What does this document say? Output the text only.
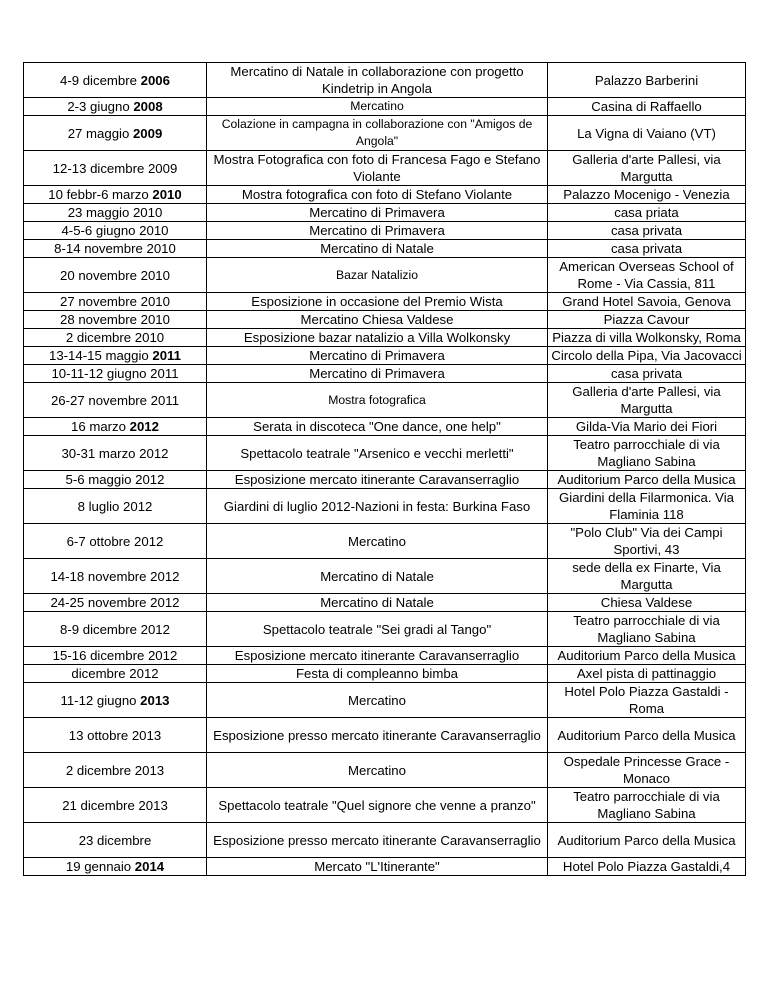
4-9 dicembre 2006	Mercatino di Natale in collaborazione con progetto Kindetrip in Angola	Palazzo Barberini
2-3 giugno 2008	Mercatino	Casina di Raffaello
27 maggio 2009	Colazione in campagna in collaborazione con "Amigos de Angola"	La Vigna di Vaiano (VT)
12-13 dicembre 2009	Mostra Fotografica con foto di Francesa Fago e Stefano Violante	Galleria d'arte Pallesi, via Margutta
10 febbr-6 marzo 2010	Mostra fotografica con foto di Stefano Violante	Palazzo Mocenigo - Venezia
23 maggio 2010	Mercatino di Primavera	casa priata
4-5-6 giugno 2010	Mercatino di Primavera	casa privata
8-14 novembre 2010	Mercatino di Natale	casa privata
20 novembre 2010	Bazar Natalizio	American Overseas School of Rome - Via Cassia, 811
27 novembre 2010	Esposizione in occasione del Premio Wista	Grand Hotel Savoia, Genova
28 novembre 2010	Mercatino Chiesa Valdese	Piazza Cavour
2 dicembre 2010	Esposizione bazar natalizio a Villa Wolkonsky	Piazza di villa Wolkonsky, Roma
13-14-15 maggio 2011	Mercatino di Primavera	Circolo della Pipa, Via Jacovacci
10-11-12 giugno 2011	Mercatino di Primavera	casa privata
26-27 novembre 2011	Mostra fotografica	Galleria d'arte Pallesi, via Margutta
16 marzo 2012	Serata in discoteca "One dance, one help"	Gilda-Via Mario dei Fiori
30-31 marzo 2012	Spettacolo teatrale "Arsenico e vecchi merletti"	Teatro parrocchiale di via Magliano Sabina
5-6 maggio 2012	Esposizione mercato itinerante Caravanserraglio	Auditorium Parco della Musica
8 luglio 2012	Giardini di luglio 2012-Nazioni in festa: Burkina Faso	Giardini della Filarmonica. Via Flaminia 118
6-7 ottobre 2012	Mercatino	"Polo Club" Via dei Campi Sportivi, 43
14-18 novembre 2012	Mercatino di Natale	sede della ex Finarte, Via Margutta
24-25 novembre 2012	Mercatino di Natale	Chiesa Valdese
8-9 dicembre 2012	Spettacolo teatrale "Sei gradi al Tango"	Teatro parrocchiale di via Magliano Sabina
15-16 dicembre 2012	Esposizione mercato itinerante Caravanserraglio	Auditorium Parco della Musica
dicembre 2012	Festa di compleanno bimba	Axel pista di pattinaggio
11-12 giugno 2013	Mercatino	Hotel Polo Piazza Gastaldi - Roma
13 ottobre 2013	Esposizione presso mercato itinerante Caravanserraglio	Auditorium Parco della Musica
2 dicembre 2013	Mercatino	Ospedale Princesse Grace - Monaco
21 dicembre 2013	Spettacolo teatrale "Quel signore che venne a pranzo"	Teatro parrocchiale di via Magliano Sabina
23 dicembre	Esposizione presso mercato itinerante Caravanserraglio	Auditorium Parco della Musica
19 gennaio 2014	Mercato "L'Itinerante"	Hotel Polo Piazza Gastaldi,4
